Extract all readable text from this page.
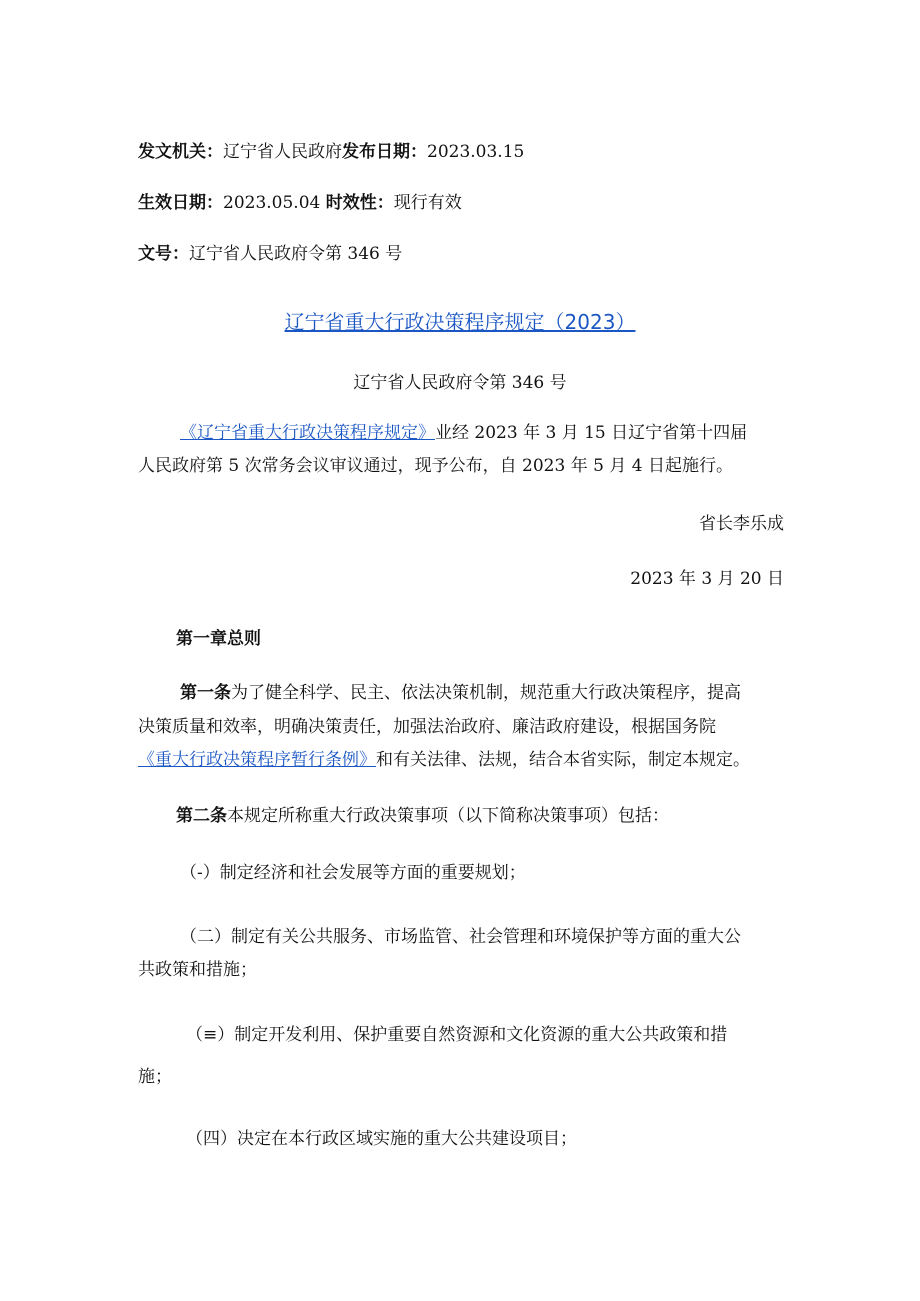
发文机关：辽宁省人民政府发布日期：2023.03.15
生效日期：2023.05.04 时效性：现行有效
文号：辽宁省人民政府令第 346 号
辽宁省重大行政决策程序规定（2023）
辽宁省人民政府令第 346 号
《辽宁省重大行政决策程序规定》业经 2023 年 3 月 15 日辽宁省第十四届
人民政府第 5 次常务会议审议通过，现予公布，自 2023 年 5 月 4 日起施行。
省长李乐成
2023 年 3 月 20 日
第一章总则
第一条为了健全科学、民主、依法决策机制，规范重大行政决策程序，提高
决策质量和效率，明确决策责任，加强法治政府、廉洁政府建设，根据国务院
《重大行政决策程序暂行条例》和有关法律、法规，结合本省实际，制定本规定。
第二条本规定所称重大行政决策事项（以下简称决策事项）包括：
（-）制定经济和社会发展等方面的重要规划；
（二）制定有关公共服务、市场监管、社会管理和环境保护等方面的重大公
共政策和措施；
（≡）制定开发利用、保护重要自然资源和文化资源的重大公共政策和措
施；
（四）决定在本行政区域实施的重大公共建设项目；
